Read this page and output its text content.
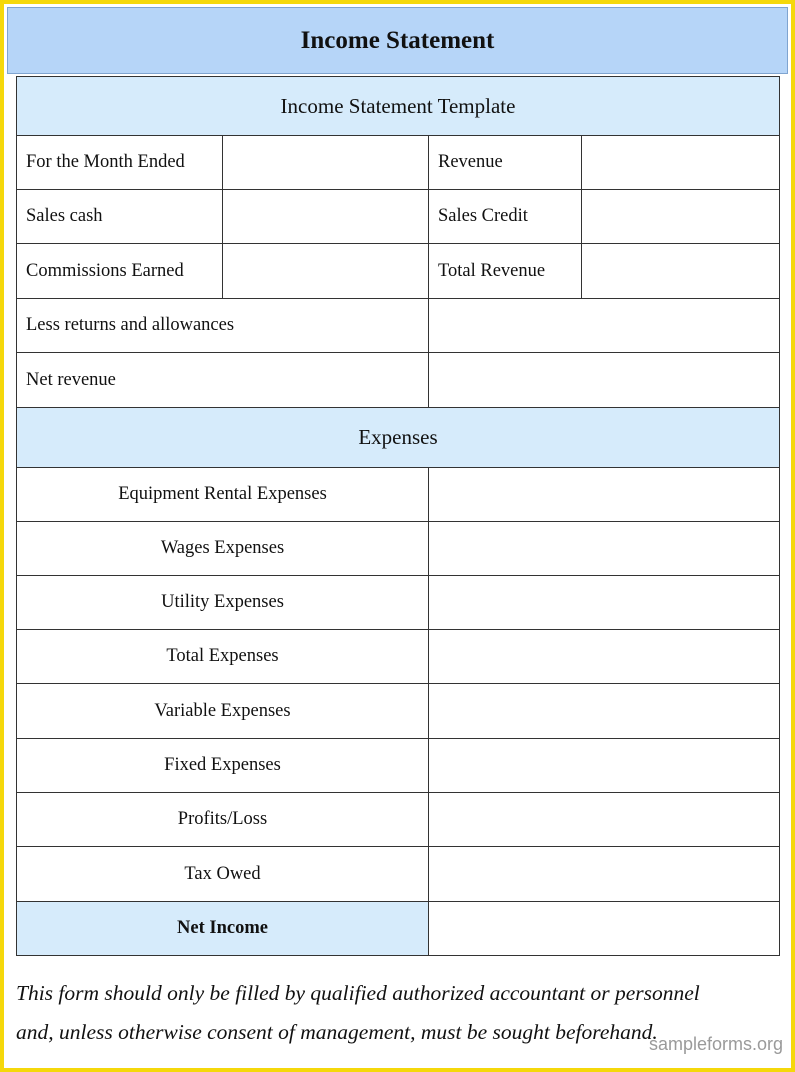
Income Statement
Income Statement Template
For the Month Ended	Revenue
Sales cash	Sales Credit
Commissions Earned	Total Revenue
Less returns and allowances
Net revenue
Expenses
Equipment Rental Expenses
Wages Expenses
Utility Expenses
Total Expenses
Variable Expenses
Fixed Expenses
Profits/Loss
Tax Owed
Net Income
This form should only be filled by qualified authorized accountant or personnel
and, unless otherwise consent of management, must be sought beforehand.
sampleforms.org
